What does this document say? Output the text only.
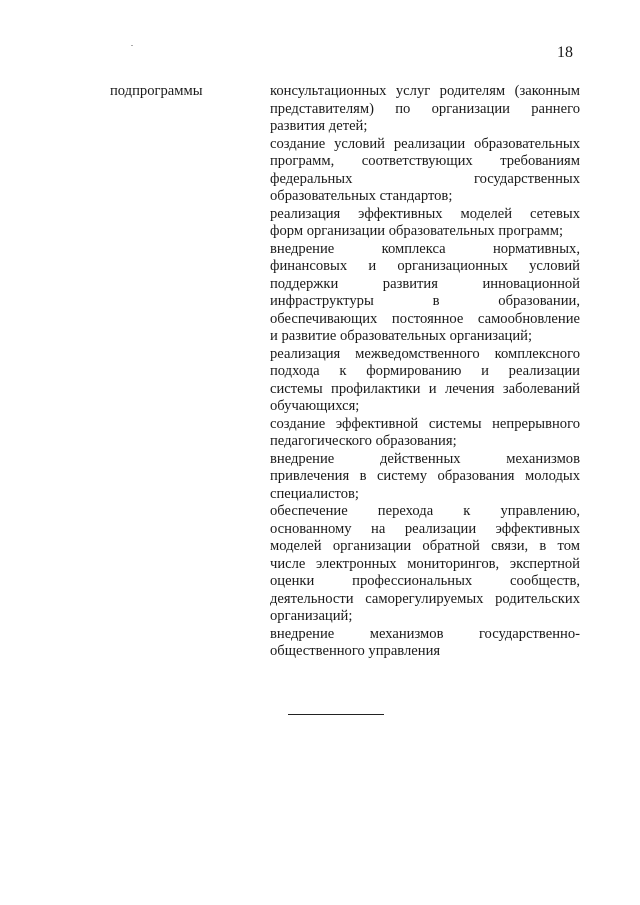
18
подпрограммы	консультационных услуг родителям (законным
представителям) по организации раннего
развития детей;
создание условий реализации образовательных
программ, соответствующих требованиям
федеральных государственных
образовательных стандартов;
реализация эффективных моделей сетевых
форм организации образовательных программ;
внедрение комплекса нормативных,
финансовых и организационных условий
поддержки развития инновационной
инфраструктуры в образовании,
обеспечивающих постоянное самообновление
и развитие образовательных организаций;
реализация межведомственного комплексного
подхода к формированию и реализации
системы профилактики и лечения заболеваний
обучающихся;
создание эффективной системы непрерывного
педагогического образования;
внедрение действенных механизмов
привлечения в систему образования молодых
специалистов;
обеспечение перехода к управлению,
основанному на реализации эффективных
моделей организации обратной связи, в том
числе электронных мониторингов, экспертной
оценки профессиональных сообществ,
деятельности саморегулируемых родительских
организаций;
внедрение механизмов государственно-
общественного управления
